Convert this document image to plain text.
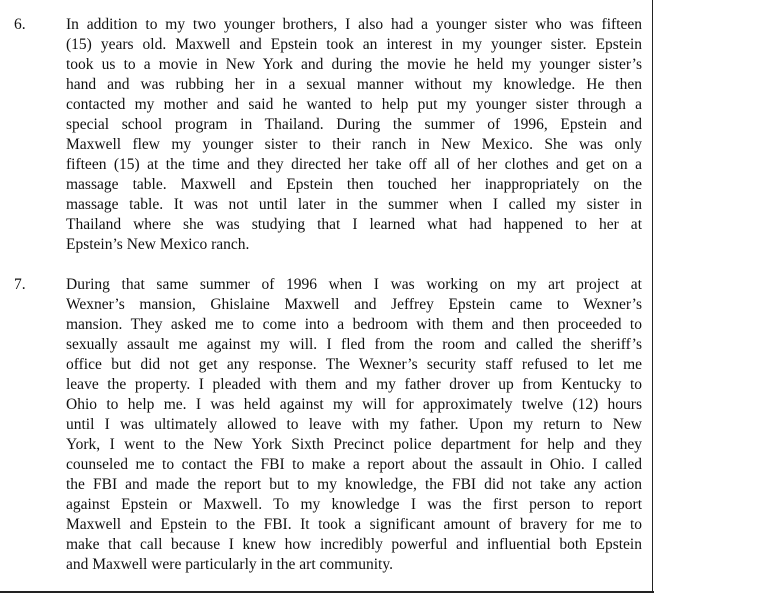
6.	In addition to my two younger brothers, I also had a younger sister who was fifteen
(15) years old. Maxwell and Epstein took an interest in my younger sister. Epstein
took us to a movie in New York and during the movie he held my younger sister’s
hand and was rubbing her in a sexual manner without my knowledge. He then
contacted my mother and said he wanted to help put my younger sister through a
special school program in Thailand. During the summer of 1996, Epstein and
Maxwell flew my younger sister to their ranch in New Mexico. She was only
fifteen (15) at the time and they directed her take off all of her clothes and get on a
massage table. Maxwell and Epstein then touched her inappropriately on the
massage table. It was not until later in the summer when I called my sister in
Thailand where she was studying that I learned what had happened to her at
Epstein’s New Mexico ranch.
7.	During that same summer of 1996 when I was working on my art project at
Wexner’s mansion, Ghislaine Maxwell and Jeffrey Epstein came to Wexner’s
mansion. They asked me to come into a bedroom with them and then proceeded to
sexually assault me against my will. I fled from the room and called the sheriff’s
office but did not get any response. The Wexner’s security staff refused to let me
leave the property. I pleaded with them and my father drover up from Kentucky to
Ohio to help me. I was held against my will for approximately twelve (12) hours
until I was ultimately allowed to leave with my father. Upon my return to New
York, I went to the New York Sixth Precinct police department for help and they
counseled me to contact the FBI to make a report about the assault in Ohio. I called
the FBI and made the report but to my knowledge, the FBI did not take any action
against Epstein or Maxwell. To my knowledge I was the first person to report
Maxwell and Epstein to the FBI. It took a significant amount of bravery for me to
make that call because I knew how incredibly powerful and influential both Epstein
and Maxwell were particularly in the art community.
